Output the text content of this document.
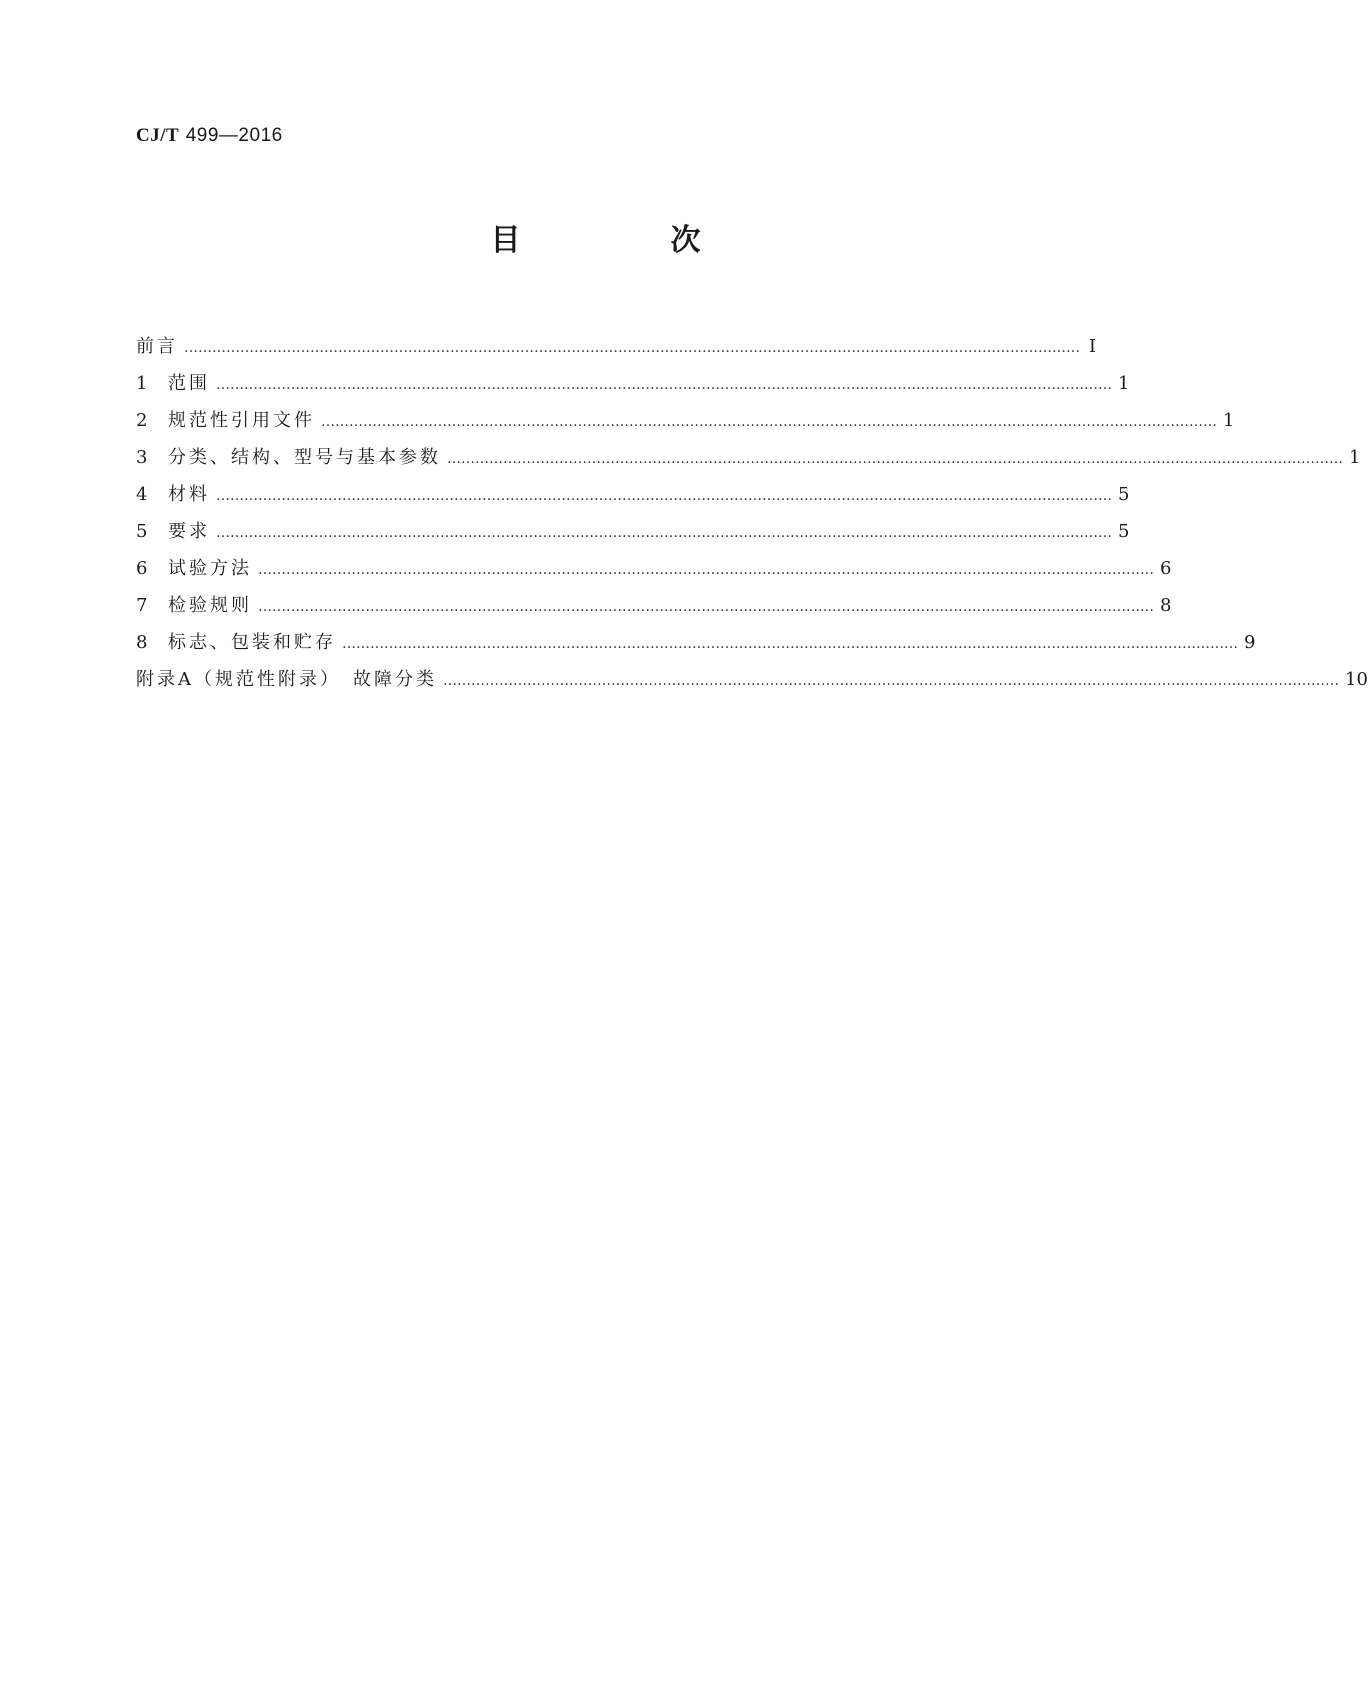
CJ/T 499—2016
目　次
前言 ………………………………………………………………………………………………………………………………………………………………………… Ⅰ
1	范围 ………………………………………………………………………………………………………………………………………………………………………… 1
2	规范性引用文件 ………………………………………………………………………………………………………………………………………………………………………… 1
3	分类、结构、型号与基本参数 ………………………………………………………………………………………………………………………………………………………………………… 1
4	材料 ………………………………………………………………………………………………………………………………………………………………………… 5
5	要求 ………………………………………………………………………………………………………………………………………………………………………… 5
6	试验方法 ………………………………………………………………………………………………………………………………………………………………………… 6
7	检验规则 ………………………………………………………………………………………………………………………………………………………………………… 8
8	标志、包装和贮存 ………………………………………………………………………………………………………………………………………………………………………… 9
附录A（规范性附录）　故障分类 ………………………………………………………………………………………………………………………………………………………………………… 10
